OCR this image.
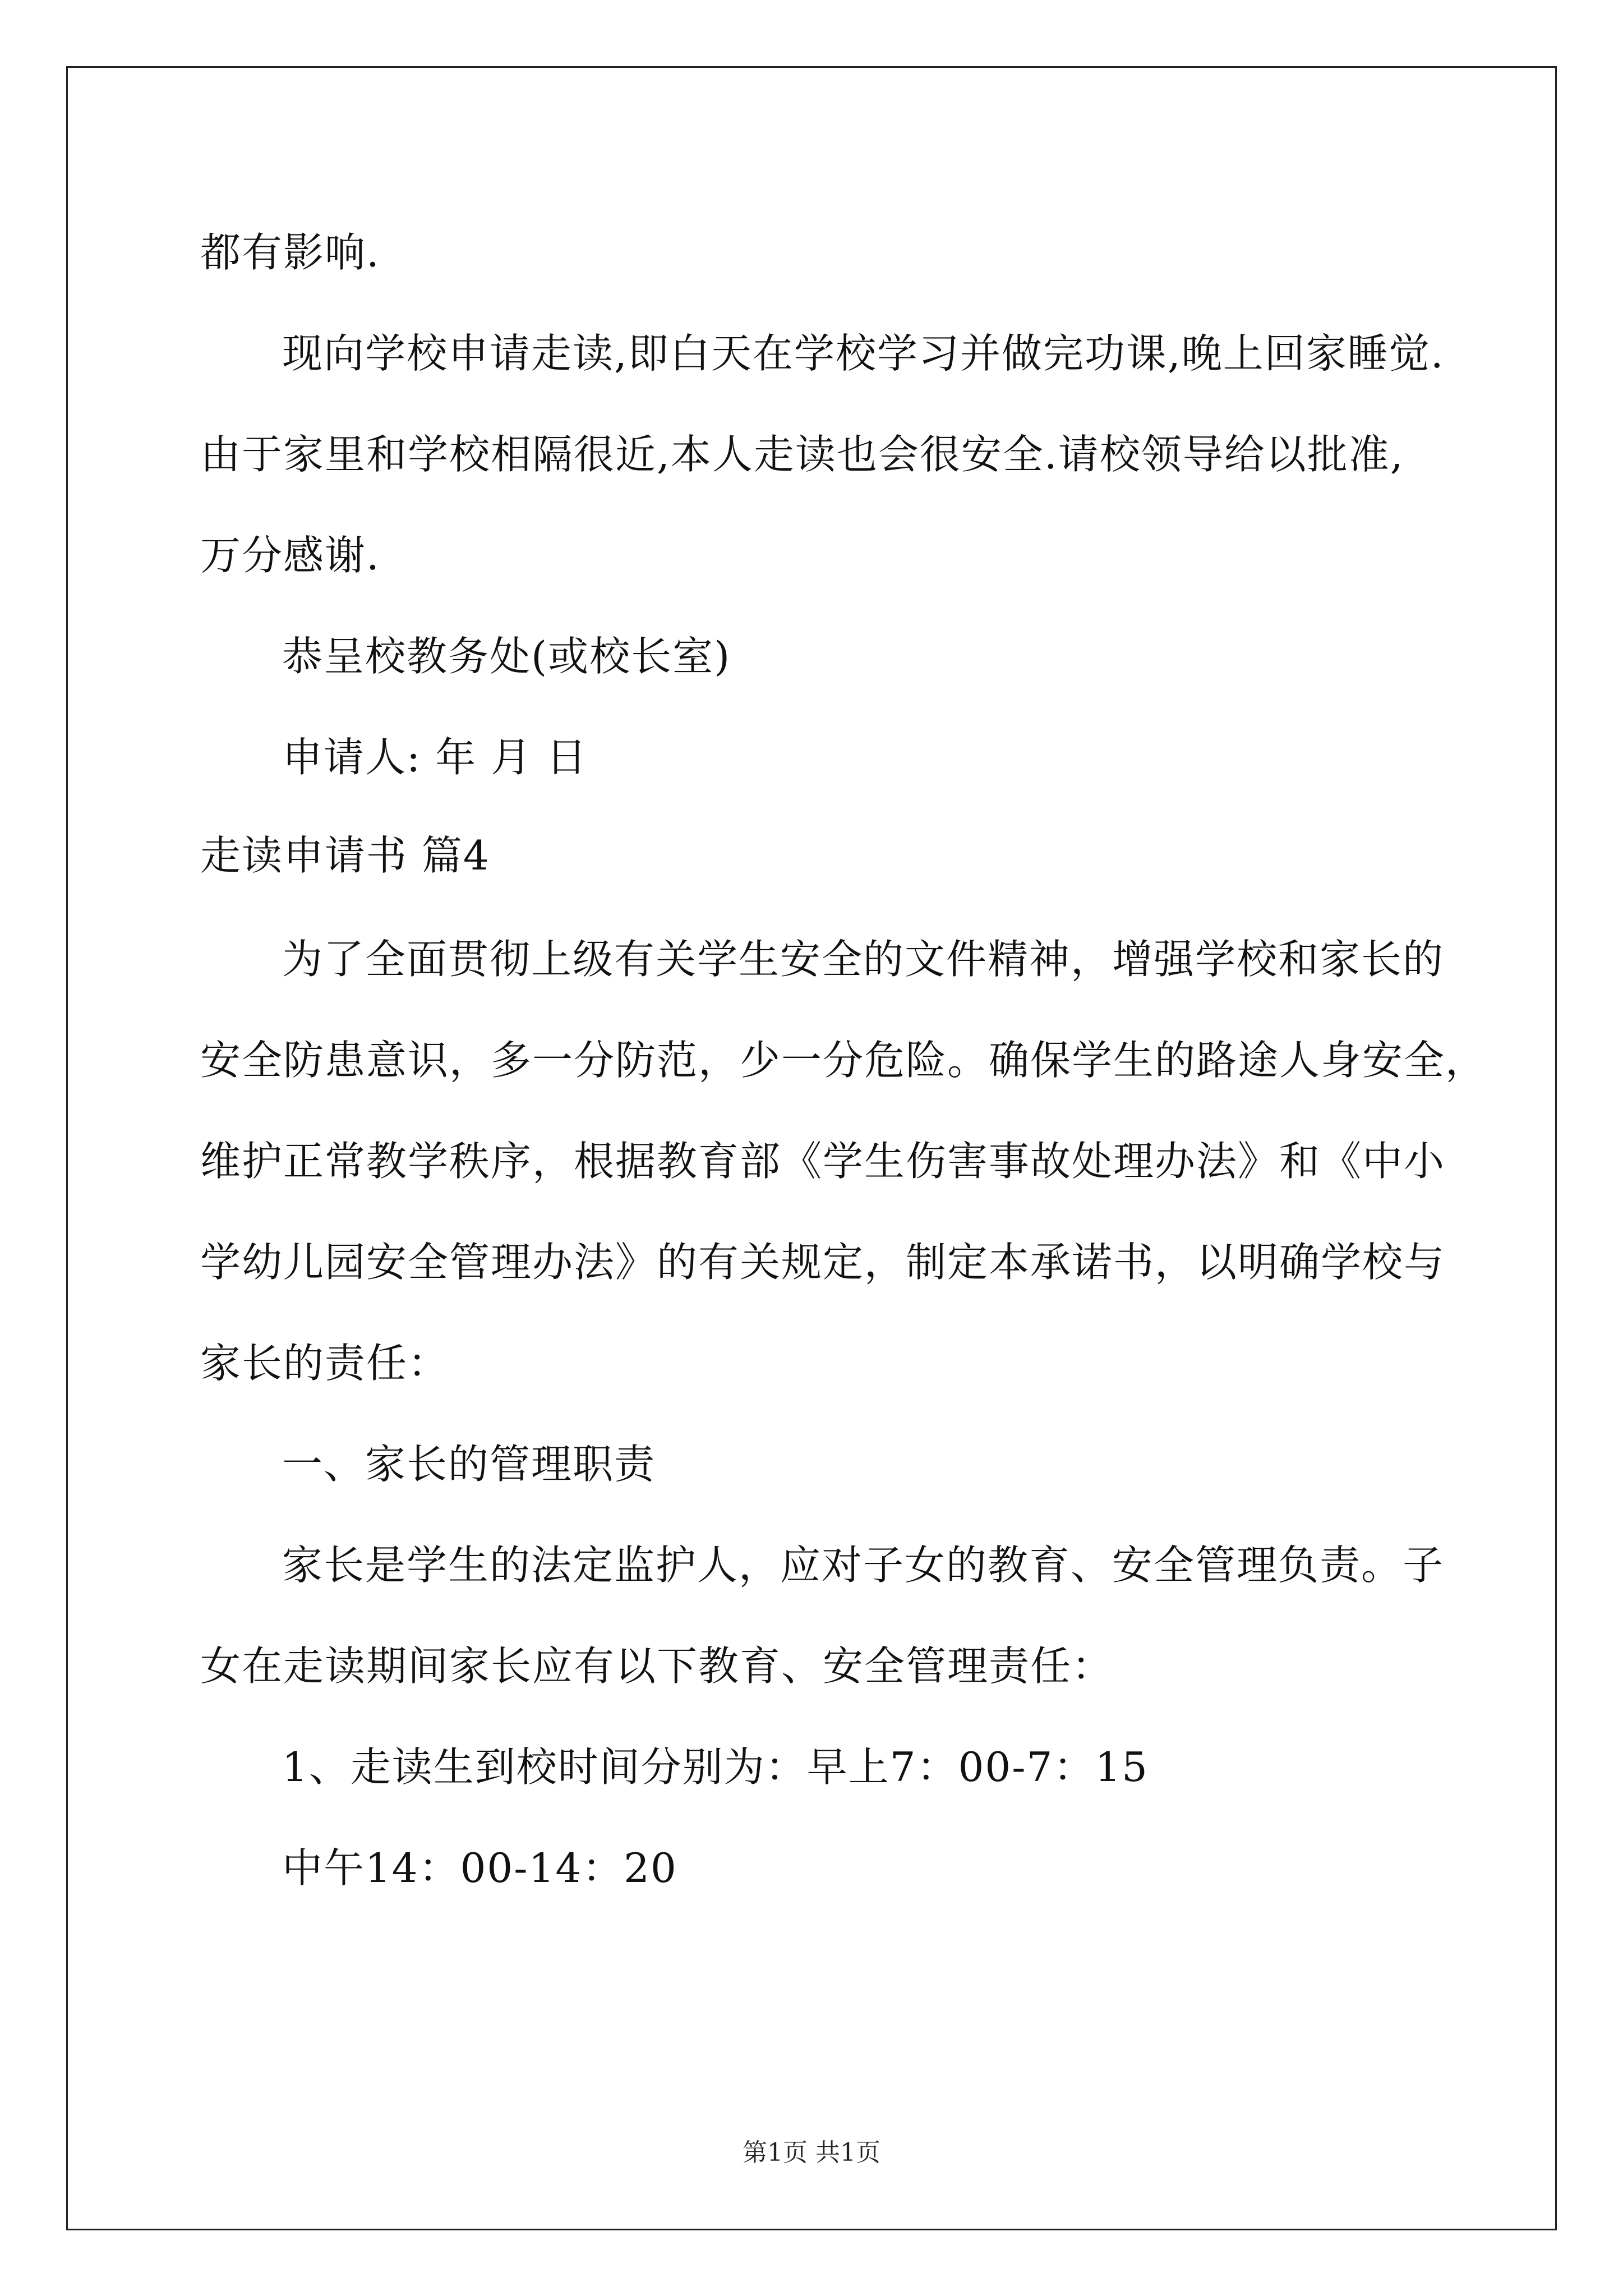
都有影响.
现向学校申请走读,即白天在学校学习并做完功课,晚上回家睡觉.
由于家里和学校相隔很近,本人走读也会很安全.请校领导给以批准,
万分感谢.
恭呈校教务处(或校长室)
申请人: 年 月 日
走读申请书 篇4
为了全面贯彻上级有关学生安全的文件精神，增强学校和家长的
安全防患意识，多一分防范，少一分危险。确保学生的路途人身安全，
维护正常教学秩序，根据教育部《学生伤害事故处理办法》和《中小
学幼儿园安全管理办法》的有关规定，制定本承诺书，以明确学校与
家长的责任：
一、家长的管理职责
家长是学生的法定监护人，应对子女的教育、安全管理负责。子
女在走读期间家长应有以下教育、安全管理责任：
1、走读生到校时间分别为：早上7：00-7：15
中午14：00-14：20
第1页 共1页
